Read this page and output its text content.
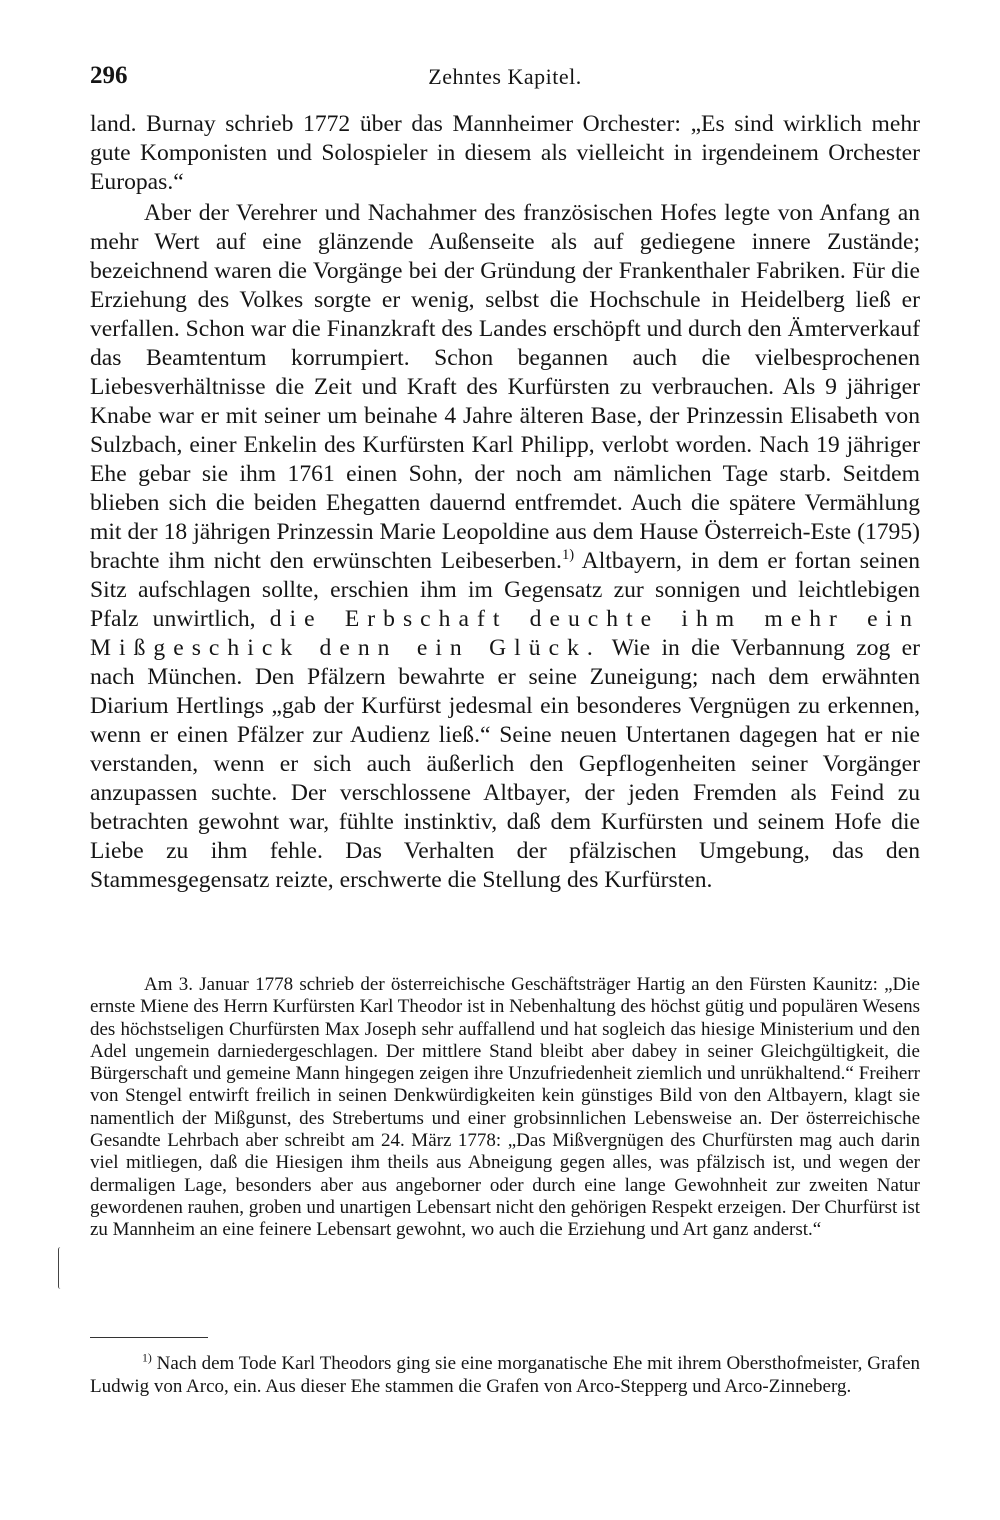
296	Zehntes Kapitel.

land. Burnay schrieb 1772 über das Mannheimer Orchester: „Es sind wirklich mehr gute Komponisten und Solospieler in diesem als vielleicht in irgendeinem Orchester Europas.“

Aber der Verehrer und Nachahmer des französischen Hofes legte von Anfang an mehr Wert auf eine glänzende Außenseite als auf gediegene innere Zustände; bezeichnend waren die Vorgänge bei der Gründung der Frankenthaler Fabriken. Für die Erziehung des Volkes sorgte er wenig, selbst die Hochschule in Heidelberg ließ er verfallen. Schon war die Finanzkraft des Landes erschöpft und durch den Ämterverkauf das Beamtentum korrumpiert. Schon begannen auch die vielbesprochenen Liebesverhältnisse die Zeit und Kraft des Kurfürsten zu verbrauchen. Als 9 jähriger Knabe war er mit seiner um beinahe 4 Jahre älteren Base, der Prinzessin Elisabeth von Sulzbach, einer Enkelin des Kurfürsten Karl Philipp, verlobt worden. Nach 19 jähriger Ehe gebar sie ihm 1761 einen Sohn, der noch am nämlichen Tage starb. Seitdem blieben sich die beiden Ehegatten dauernd entfremdet. Auch die spätere Vermählung mit der 18 jährigen Prinzessin Marie Leopoldine aus dem Hause Österreich-Este (1795) brachte ihm nicht den erwünschten Leibeserben.$^{1)}$ Altbayern, in dem er fortan seinen Sitz aufschlagen sollte, erschien ihm im Gegensatz zur sonnigen und leichtlebigen Pfalz unwirtlich, die Erbschaft deuchte ihm mehr ein Mißgeschick denn ein Glück. Wie in die Verbannung zog er nach München. Den Pfälzern bewahrte er seine Zuneigung; nach dem erwähnten Diarium Hertlings „gab der Kurfürst jedesmal ein besonderes Vergnügen zu erkennen, wenn er einen Pfälzer zur Audienz ließ.“ Seine neuen Untertanen dagegen hat er nie verstanden, wenn er sich auch äußerlich den Gepflogenheiten seiner Vorgänger anzupassen suchte. Der verschlossene Altbayer, der jeden Fremden als Feind zu betrachten gewohnt war, fühlte instinktiv, daß dem Kurfürsten und seinem Hofe die Liebe zu ihm fehle. Das Verhalten der pfälzischen Umgebung, das den Stammesgegensatz reizte, erschwerte die Stellung des Kurfürsten.

Am 3. Januar 1778 schrieb der österreichische Geschäftsträger Hartig an den Fürsten Kaunitz: „Die ernste Miene des Herrn Kurfürsten Karl Theodor ist in Nebenhaltung des höchst gütig und populären Wesens des höchstseligen Churfürsten Max Joseph sehr auffallend und hat sogleich das hiesige Ministerium und den Adel ungemein darniedergeschlagen. Der mittlere Stand bleibt aber dabey in seiner Gleichgültigkeit, die Bürgerschaft und gemeine Mann hingegen zeigen ihre Unzufriedenheit ziemlich und unrükhaltend.“ Freiherr von Stengel entwirft freilich in seinen Denkwürdigkeiten kein günstiges Bild von den Altbayern, klagt sie namentlich der Mißgunst, des Strebertums und einer grobsinnlichen Lebensweise an. Der österreichische Gesandte Lehrbach aber schreibt am 24. März 1778: „Das Mißvergnügen des Churfürsten mag auch darin viel mitliegen, daß die Hiesigen ihm theils aus Abneigung gegen alles, was pfälzisch ist, und wegen der dermaligen Lage, besonders aber aus angeborner oder durch eine lange Gewohnheit zur zweiten Natur gewordenen rauhen, groben und unartigen Lebensart nicht den gehörigen Respekt erzeigen. Der Churfürst ist zu Mannheim an eine feinere Lebensart gewohnt, wo auch die Erziehung und Art ganz anderst.“

$^{1)}$ Nach dem Tode Karl Theodors ging sie eine morganatische Ehe mit ihrem Obersthofmeister, Grafen Ludwig von Arco, ein. Aus dieser Ehe stammen die Grafen von Arco-Stepperg und Arco-Zinneberg.
